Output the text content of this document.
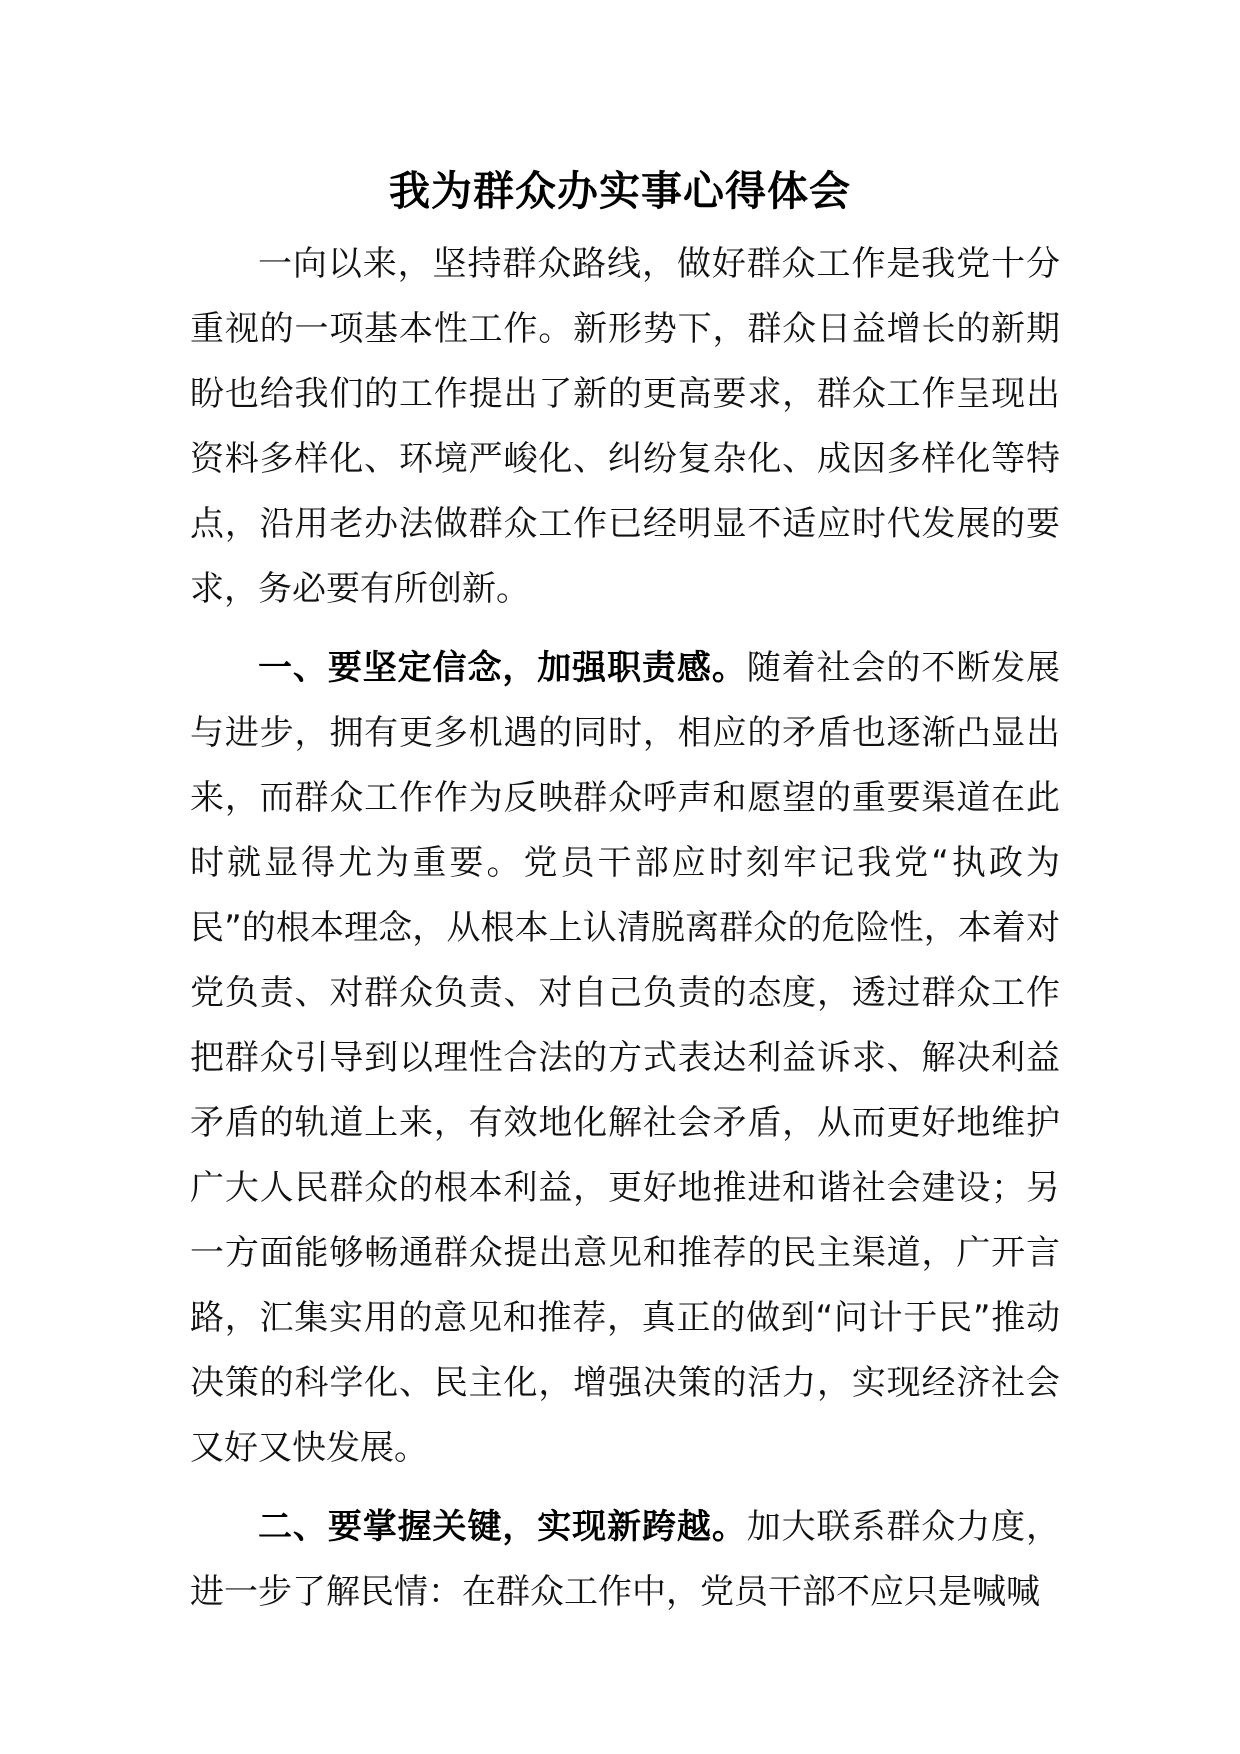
我为群众办实事心得体会

一向以来，坚持群众路线，做好群众工作是我党十分重视的一项基本性工作。新形势下，群众日益增长的新期盼也给我们的工作提出了新的更高要求，群众工作呈现出资料多样化、环境严峻化、纠纷复杂化、成因多样化等特点，沿用老办法做群众工作已经明显不适应时代发展的要求，务必要有所创新。

一、要坚定信念，加强职责感。随着社会的不断发展与进步，拥有更多机遇的同时，相应的矛盾也逐渐凸显出来，而群众工作作为反映群众呼声和愿望的重要渠道在此时就显得尤为重要。党员干部应时刻牢记我党“执政为民”的根本理念，从根本上认清脱离群众的危险性，本着对党负责、对群众负责、对自己负责的态度，透过群众工作把群众引导到以理性合法的方式表达利益诉求、解决利益矛盾的轨道上来，有效地化解社会矛盾，从而更好地维护广大人民群众的根本利益，更好地推进和谐社会建设；另一方面能够畅通群众提出意见和推荐的民主渠道，广开言路，汇集实用的意见和推荐，真正的做到“问计于民”推动决策的科学化、民主化，增强决策的活力，实现经济社会又好又快发展。

二、要掌握关键，实现新跨越。加大联系群众力度，进一步了解民情：在群众工作中，党员干部不应只是喊喊
